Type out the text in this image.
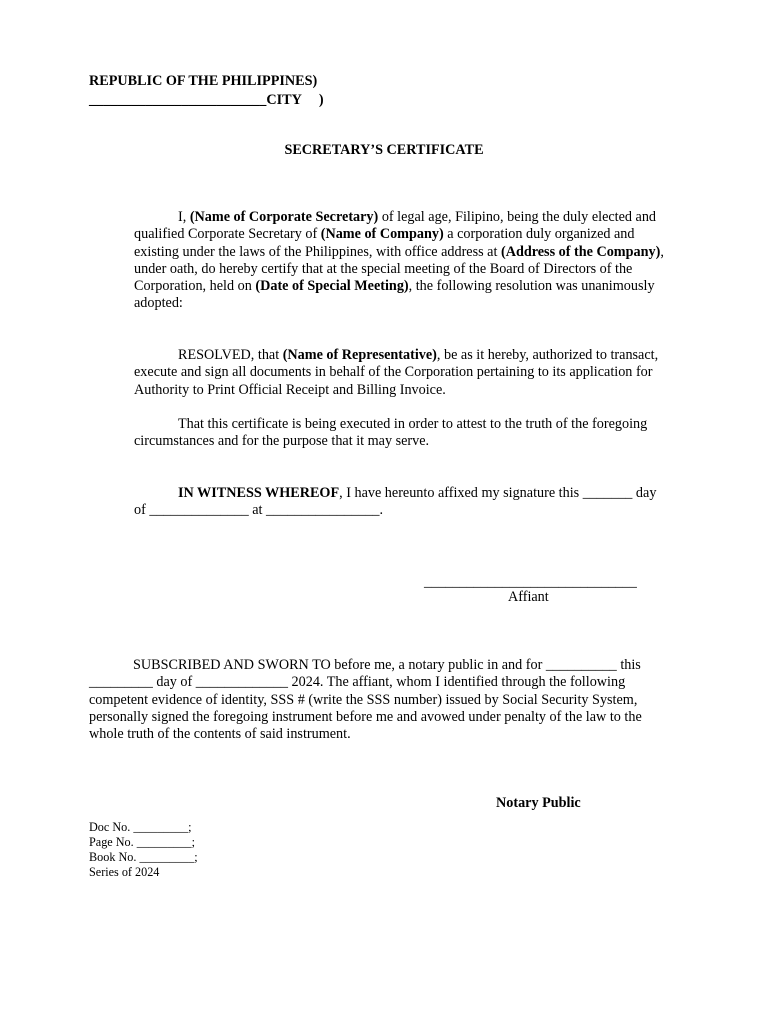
REPUBLIC OF THE PHILIPPINES)
_________________________CITY )
SECRETARY’S CERTIFICATE
I, (Name of Corporate Secretary) of legal age, Filipino, being the duly elected and
qualified Corporate Secretary of (Name of Company) a corporation duly organized and
existing under the laws of the Philippines, with office address at (Address of the Company),
under oath, do hereby certify that at the special meeting of the Board of Directors of the
Corporation, held on (Date of Special Meeting), the following resolution was unanimously
adopted:
RESOLVED, that (Name of Representative), be as it hereby, authorized to transact,
execute and sign all documents in behalf of the Corporation pertaining to its application for
Authority to Print Official Receipt and Billing Invoice.
That this certificate is being executed in order to attest to the truth of the foregoing
circumstances and for the purpose that it may serve.
IN WITNESS WHEREOF, I have hereunto affixed my signature this _______ day
of ______________ at ________________.
______________________________
Affiant
SUBSCRIBED AND SWORN TO before me, a notary public in and for __________ this
_________ day of _____________ 2024. The affiant, whom I identified through the following
competent evidence of identity, SSS # (write the SSS number) issued by Social Security System,
personally signed the foregoing instrument before me and avowed under penalty of the law to the
whole truth of the contents of said instrument.
Notary Public
Doc No. _________;
Page No. _________;
Book No. _________;
Series of 2024
